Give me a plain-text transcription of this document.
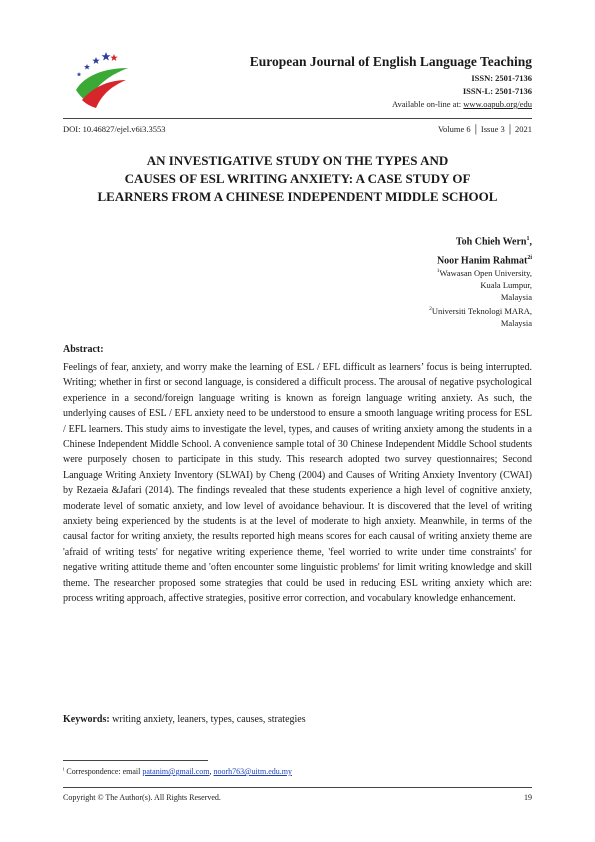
European Journal of English Language Teaching
ISSN: 2501-7136
ISSN-L: 2501-7136
Available on-line at: www.oapub.org/edu
DOI: 10.46827/ejel.v6i3.3553	Volume 6 │ Issue 3 │ 2021
AN INVESTIGATIVE STUDY ON THE TYPES AND
CAUSES OF ESL WRITING ANXIETY: A CASE STUDY OF
LEARNERS FROM A CHINESE INDEPENDENT MIDDLE SCHOOL
Toh Chieh Wern$^1$,
Noor Hanim Rahmat$^{2i}$
$^1$Wawasan Open University,
Kuala Lumpur,
Malaysia
$^2$Universiti Teknologi MARA,
Malaysia
Abstract:
Feelings of fear, anxiety, and worry make the learning of ESL / EFL difficult as learners’ focus is being interrupted. Writing; whether in first or second language, is considered a difficult process. The arousal of negative psychological experience in a second/foreign language writing is known as foreign language writing anxiety. As such, the underlying causes of ESL / EFL anxiety need to be understood to ensure a smooth language writing process for ESL / EFL learners. This study aims to investigate the level, types, and causes of writing anxiety among the students in a Chinese Independent Middle School. A convenience sample total of 30 Chinese Independent Middle School students were purposely chosen to participate in this study. This research adopted two survey questionnaires; Second Language Writing Anxiety Inventory (SLWAI) by Cheng (2004) and Causes of Writing Anxiety Inventory (CWAI) by Rezaeia &Jafari (2014). The findings revealed that these students experience a high level of cognitive anxiety, moderate level of somatic anxiety, and low level of avoidance behaviour. It is discovered that the level of writing anxiety being experienced by the students is at the level of moderate to high anxiety. Meanwhile, in terms of the causal factor for writing anxiety, the results reported high means scores for each causal of writing anxiety theme are 'afraid of writing tests' for negative writing experience theme, 'feel worried to write under time constraints' for negative writing attitude theme and 'often encounter some linguistic problems' for limit writing knowledge and skill theme. The researcher proposed some strategies that could be used in reducing ESL writing anxiety which are: process writing approach, affective strategies, positive error correction, and vocabulary knowledge enhancement.
Keywords: writing anxiety, leaners, types, causes, strategies
$^i$ Correspondence: email patanim@gmail.com, noorh763@uitm.edu.my
Copyright © The Author(s). All Rights Reserved.	19
